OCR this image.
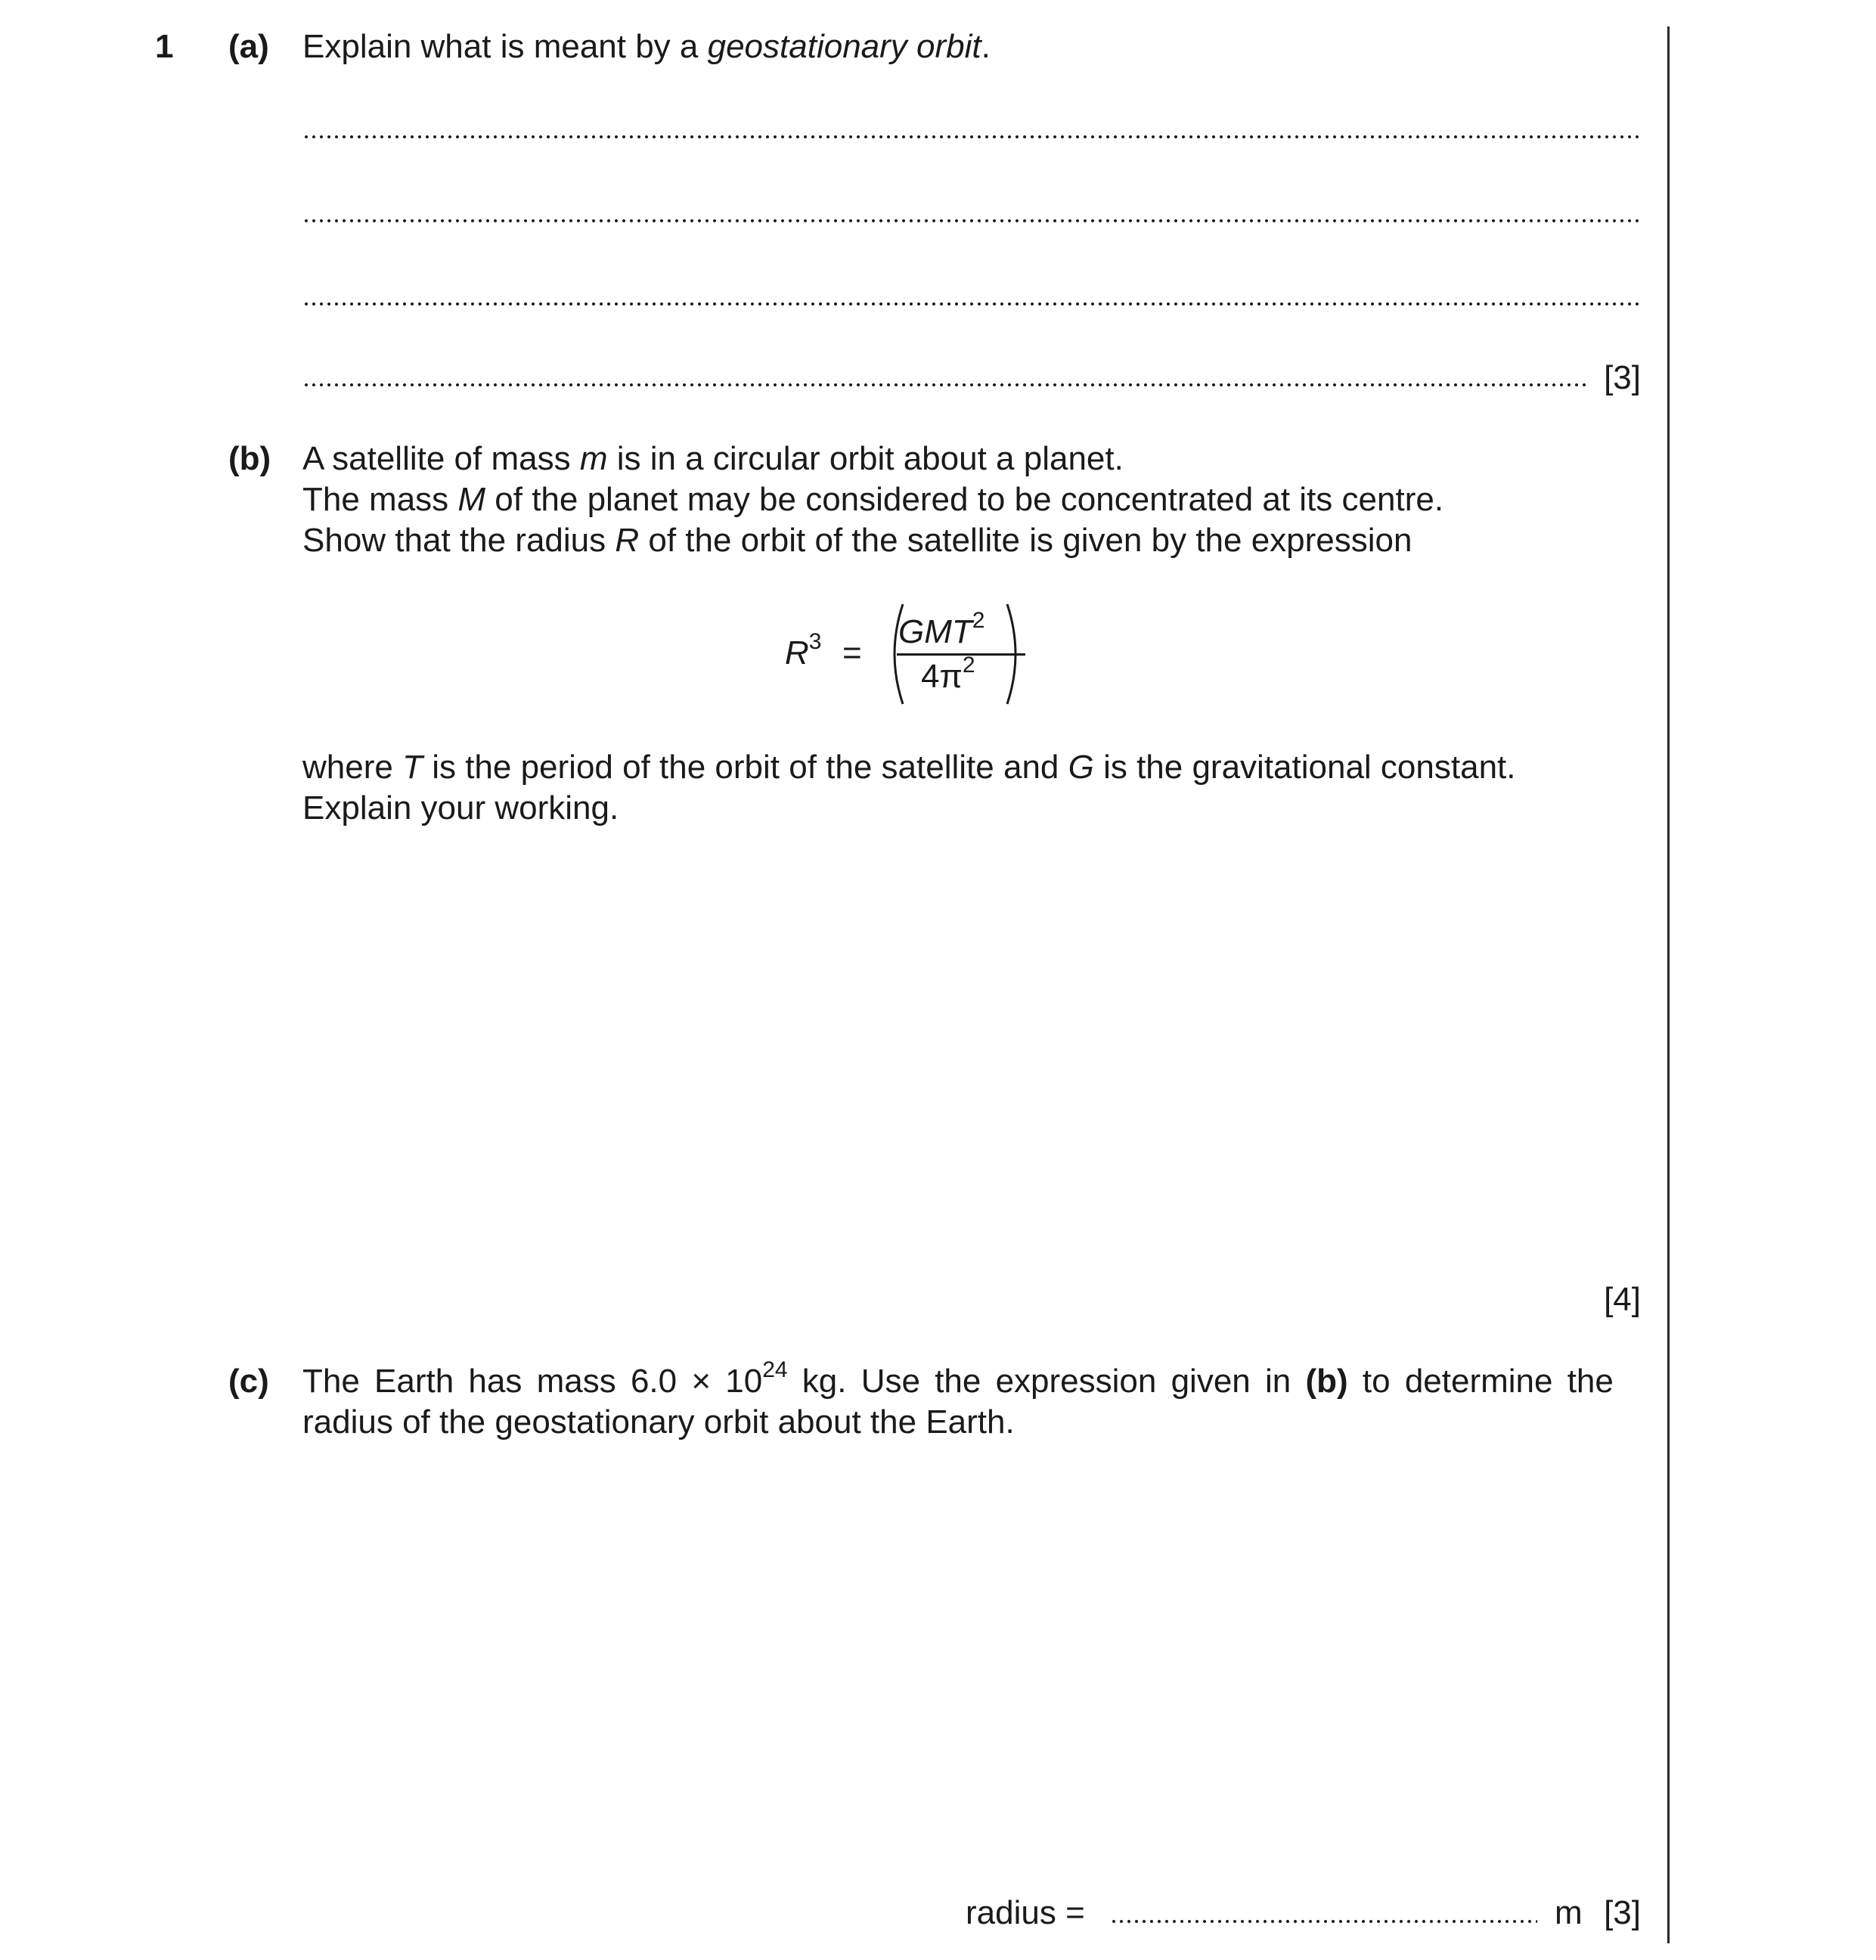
1 (a) Explain what is meant by a geostationary orbit.
[3]
(b) A satellite of mass m is in a circular orbit about a planet.
The mass M of the planet may be considered to be concentrated at its centre.
Show that the radius R of the orbit of the satellite is given by the expression
$R^3$ =
$GMT^2$
$4\pi^2$
where T is the period of the orbit of the satellite and G is the gravitational constant.
Explain your working.
[4]
(c) The Earth has mass $6.0 \times 10^{24}$ kg. Use the expression given in (b) to determine the
radius of the geostationary orbit about the Earth.
radius =	m [3]
